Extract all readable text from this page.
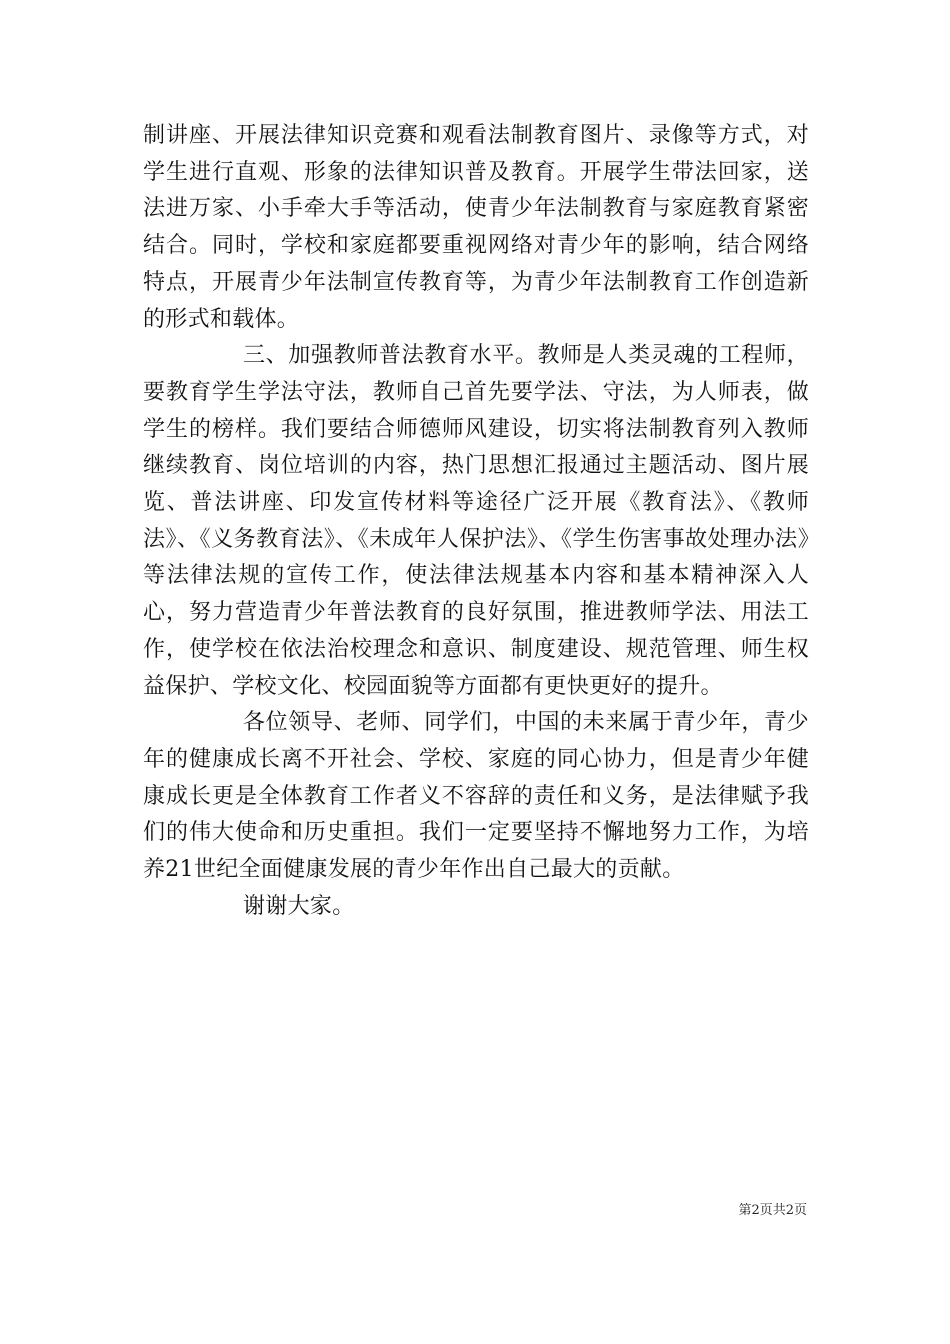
制讲座、开展法律知识竞赛和观看法制教育图片、录像等方式，对学生进行直观、形象的法律知识普及教育。开展学生带法回家，送法进万家、小手牵大手等活动，使青少年法制教育与家庭教育紧密结合。同时，学校和家庭都要重视网络对青少年的影响，结合网络特点，开展青少年法制宣传教育等，为青少年法制教育工作创造新的形式和载体。

三、加强教师普法教育水平。教师是人类灵魂的工程师，要教育学生学法守法，教师自己首先要学法、守法，为人师表，做学生的榜样。我们要结合师德师风建设，切实将法制教育列入教师继续教育、岗位培训的内容，热门思想汇报通过主题活动、图片展览、普法讲座、印发宣传材料等途径广泛开展《教育法》、《教师法》、《义务教育法》、《未成年人保护法》、《学生伤害事故处理办法》等法律法规的宣传工作，使法律法规基本内容和基本精神深入人心，努力营造青少年普法教育的良好氛围，推进教师学法、用法工作，使学校在依法治校理念和意识、制度建设、规范管理、师生权益保护、学校文化、校园面貌等方面都有更快更好的提升。

各位领导、老师、同学们，中国的未来属于青少年，青少年的健康成长离不开社会、学校、家庭的同心协力，但是青少年健康成长更是全体教育工作者义不容辞的责任和义务，是法律赋予我们的伟大使命和历史重担。我们一定要坚持不懈地努力工作，为培养21世纪全面健康发展的青少年作出自己最大的贡献。

谢谢大家。

第2页共2页
